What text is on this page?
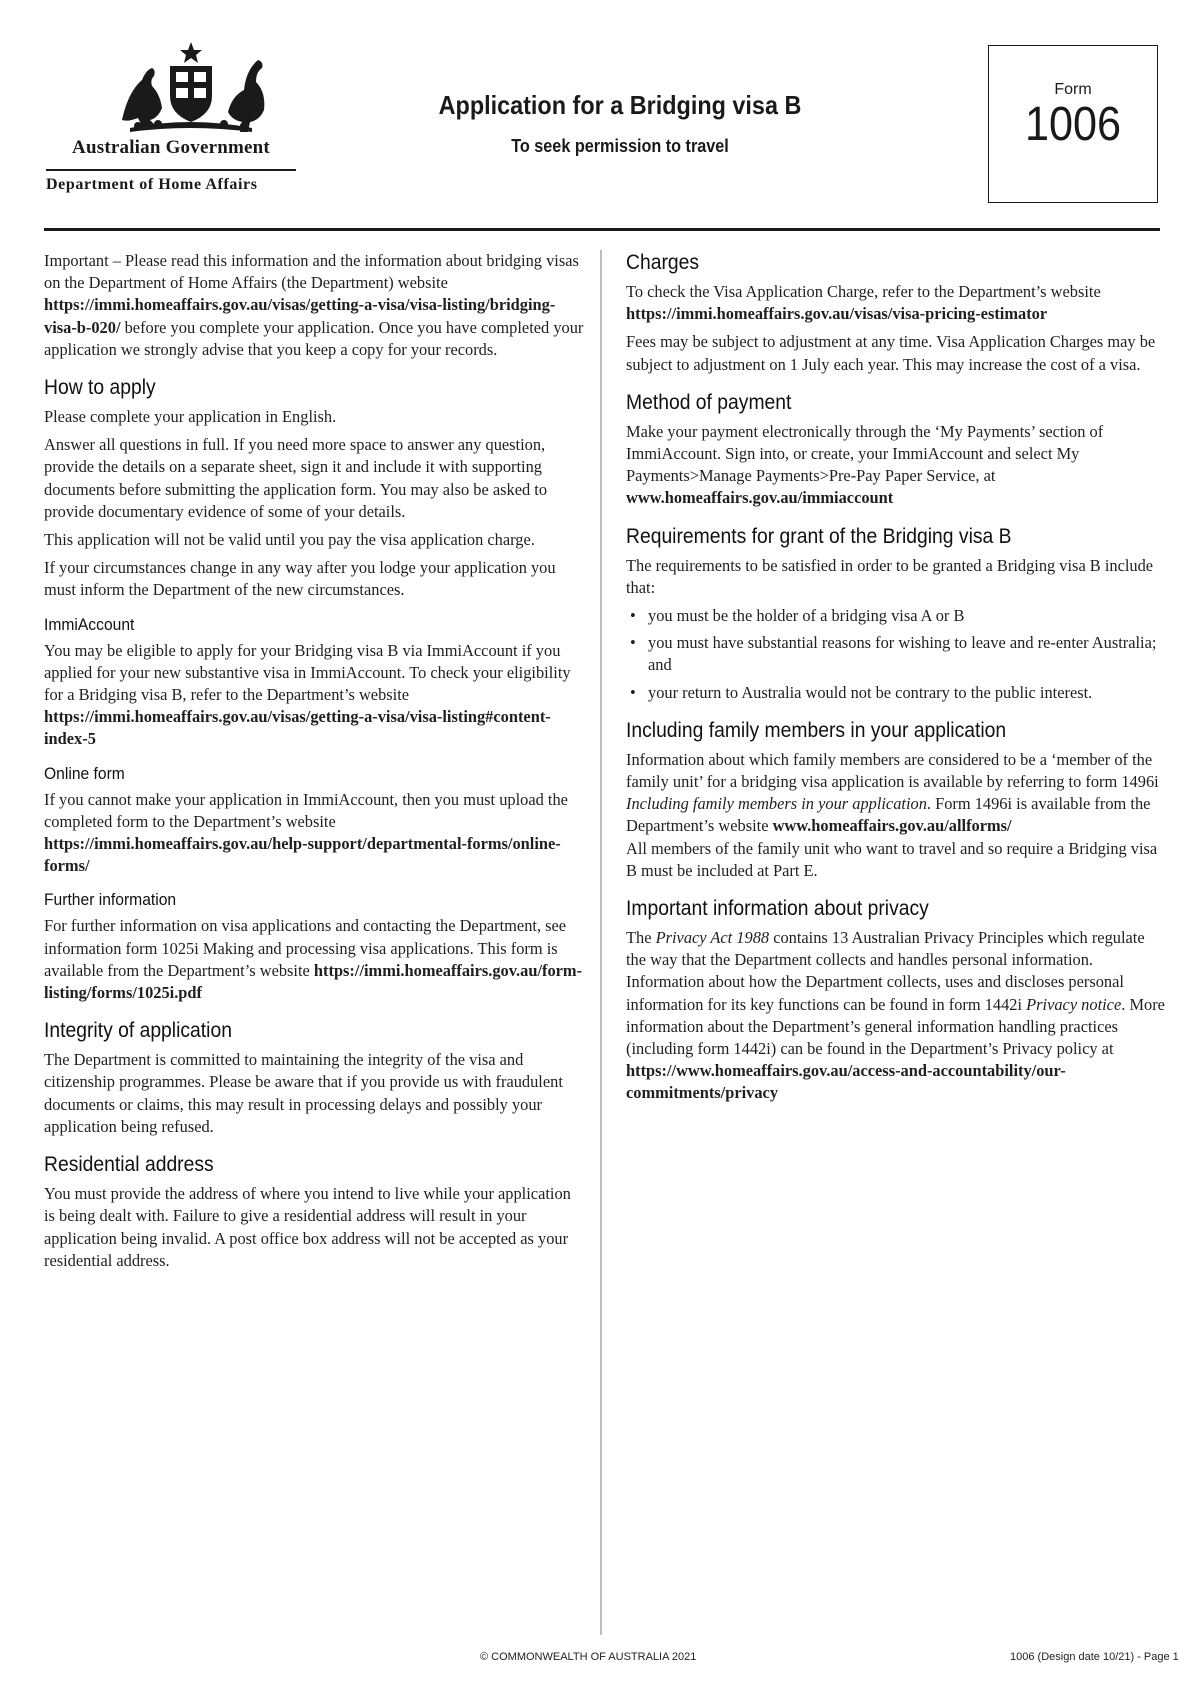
Australian Government
Department of Home Affairs
Application for a Bridging visa B
To seek permission to travel
Form
1006

Important – Please read this information and the information about bridging visas on the Department of Home Affairs (the Department) website https://immi.homeaffairs.gov.au/visas/getting-a-visa/visa-listing/bridging-visa-b-020/ before you complete your application. Once you have completed your application we strongly advise that you keep a copy for your records.

How to apply

Please complete your application in English.

Answer all questions in full. If you need more space to answer any question, provide the details on a separate sheet, sign it and include it with supporting documents before submitting the application form. You may also be asked to provide documentary evidence of some of your details.

This application will not be valid until you pay the visa application charge.

If your circumstances change in any way after you lodge your application you must inform the Department of the new circumstances.

ImmiAccount

You may be eligible to apply for your Bridging visa B via ImmiAccount if you applied for your new substantive visa in ImmiAccount. To check your eligibility for a Bridging visa B, refer to the Department’s website https://immi.homeaffairs.gov.au/visas/getting-a-visa/visa-listing#content-index-5

Online form

If you cannot make your application in ImmiAccount, then you must upload the completed form to the Department’s website https://immi.homeaffairs.gov.au/help-support/departmental-forms/online-forms/

Further information

For further information on visa applications and contacting the Department, see information form 1025i Making and processing visa applications. This form is available from the Department’s website https://immi.homeaffairs.gov.au/form-listing/forms/1025i.pdf

Integrity of application

The Department is committed to maintaining the integrity of the visa and citizenship programmes. Please be aware that if you provide us with fraudulent documents or claims, this may result in processing delays and possibly your application being refused.

Residential address

You must provide the address of where you intend to live while your application is being dealt with. Failure to give a residential address will result in your application being invalid. A post office box address will not be accepted as your residential address.

Charges

To check the Visa Application Charge, refer to the Department’s website https://immi.homeaffairs.gov.au/visas/visa-pricing-estimator

Fees may be subject to adjustment at any time. Visa Application Charges may be subject to adjustment on 1 July each year. This may increase the cost of a visa.

Method of payment

Make your payment electronically through the ‘My Payments’ section of ImmiAccount. Sign into, or create, your ImmiAccount and select My Payments>Manage Payments>Pre-Pay Paper Service, at www.homeaffairs.gov.au/immiaccount

Requirements for grant of the Bridging visa B

The requirements to be satisfied in order to be granted a Bridging visa B include that:

• you must be the holder of a bridging visa A or B
• you must have substantial reasons for wishing to leave and re-enter Australia; and
• your return to Australia would not be contrary to the public interest.
Including family members in your application

Information about which family members are considered to be a ‘member of the family unit’ for a bridging visa application is available by referring to form 1496i Including family members in your application. Form 1496i is available from the Department’s website www.homeaffairs.gov.au/allforms/
All members of the family unit who want to travel and so require a Bridging visa B must be included at Part E.

Important information about privacy

The Privacy Act 1988 contains 13 Australian Privacy Principles which regulate the way that the Department collects and handles personal information. Information about how the Department collects, uses and discloses personal information for its key functions can be found in form 1442i Privacy notice. More information about the Department’s general information handling practices (including form 1442i) can be found in the Department’s Privacy policy at https://www.homeaffairs.gov.au/access-and-accountability/our-commitments/privacy

© COMMONWEALTH OF AUSTRALIA 2021	1006 (Design date 10/21) - Page 1
